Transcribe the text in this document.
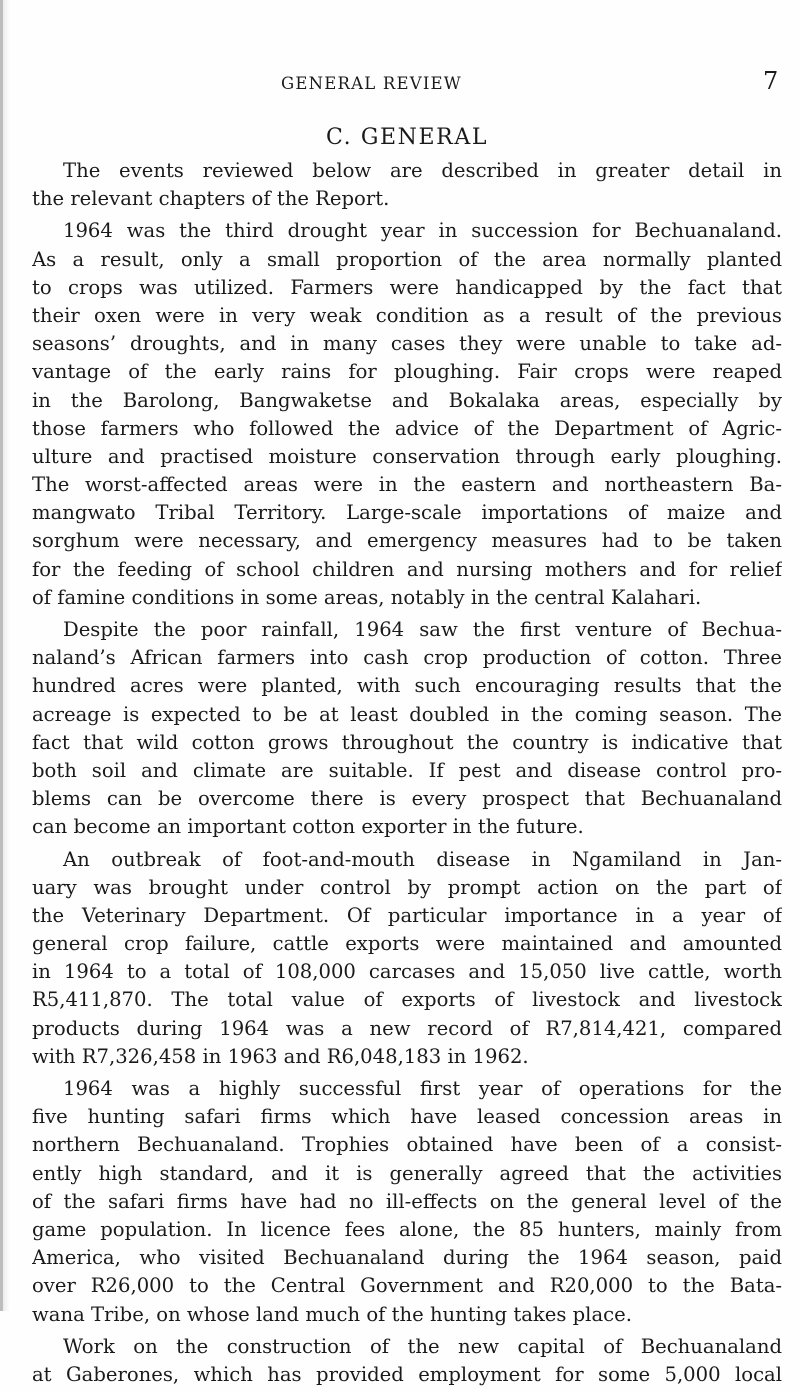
GENERAL REVIEW	7
C. GENERAL
The events reviewed below are described in greater detail in
the relevant chapters of the Report.
1964 was the third drought year in succession for Bechuanaland.
As a result, only a small proportion of the area normally planted
to crops was utilized. Farmers were handicapped by the fact that
their oxen were in very weak condition as a result of the previous
seasons’ droughts, and in many cases they were unable to take ad-
vantage of the early rains for ploughing. Fair crops were reaped
in the Barolong, Bangwaketse and Bokalaka areas, especially by
those farmers who followed the advice of the Department of Agric-
ulture and practised moisture conservation through early ploughing.
The worst-affected areas were in the eastern and northeastern Ba-
mangwato Tribal Territory. Large-scale importations of maize and
sorghum were necessary, and emergency measures had to be taken
for the feeding of school children and nursing mothers and for relief
of famine conditions in some areas, notably in the central Kalahari.
Despite the poor rainfall, 1964 saw the first venture of Bechua-
naland’s African farmers into cash crop production of cotton. Three
hundred acres were planted, with such encouraging results that the
acreage is expected to be at least doubled in the coming season. The
fact that wild cotton grows throughout the country is indicative that
both soil and climate are suitable. If pest and disease control pro-
blems can be overcome there is every prospect that Bechuanaland
can become an important cotton exporter in the future.
An outbreak of foot-and-mouth disease in Ngamiland in Jan-
uary was brought under control by prompt action on the part of
the Veterinary Department. Of particular importance in a year of
general crop failure, cattle exports were maintained and amounted
in 1964 to a total of 108,000 carcases and 15,050 live cattle, worth
R5,411,870. The total value of exports of livestock and livestock
products during 1964 was a new record of R7,814,421, compared
with R7,326,458 in 1963 and R6,048,183 in 1962.
1964 was a highly successful first year of operations for the
five hunting safari firms which have leased concession areas in
northern Bechuanaland. Trophies obtained have been of a consist-
ently high standard, and it is generally agreed that the activities
of the safari firms have had no ill-effects on the general level of the
game population. In licence fees alone, the 85 hunters, mainly from
America, who visited Bechuanaland during the 1964 season, paid
over R26,000 to the Central Government and R20,000 to the Bata-
wana Tribe, on whose land much of the hunting takes place.
Work on the construction of the new capital of Bechuanaland
at Gaberones, which has provided employment for some 5,000 local
